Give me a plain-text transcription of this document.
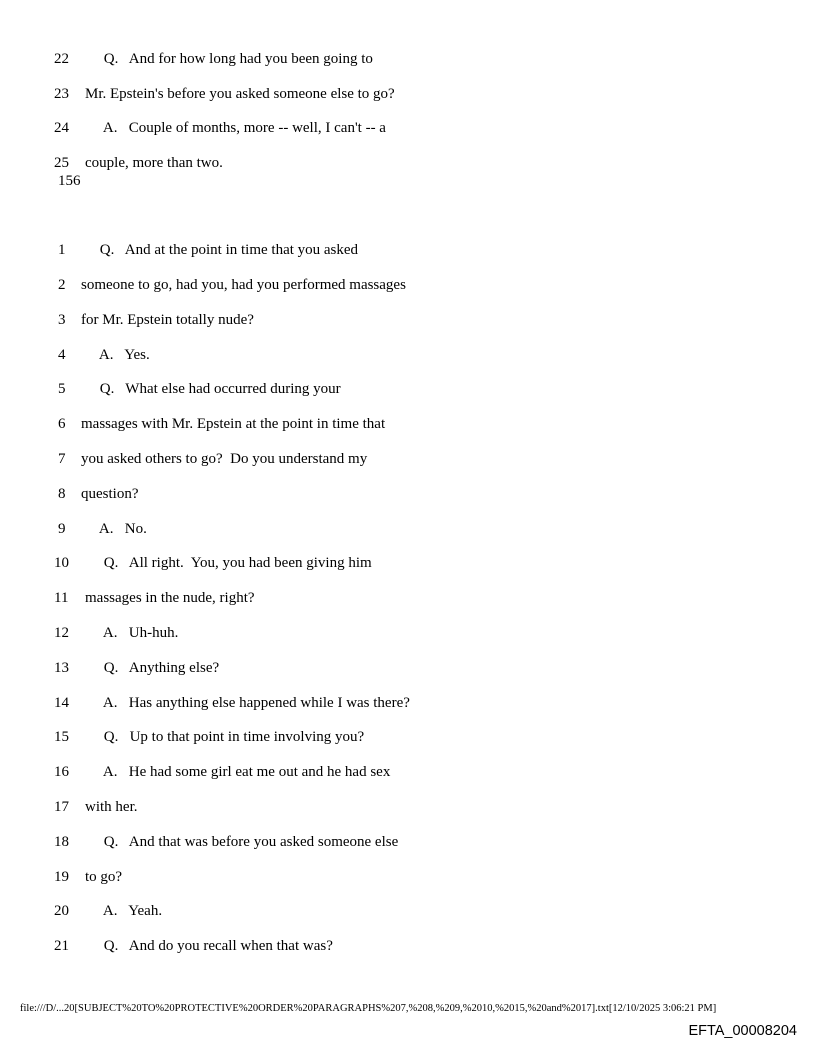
22 Q.   And for how long had you been going to
23 Mr. Epstein's before you asked someone else to go?
24 A.   Couple of months, more -- well, I can't -- a
25 couple, more than two.
156
1 Q.   And at the point in time that you asked
2 someone to go, had you, had you performed massages
3 for Mr. Epstein totally nude?
4 A.   Yes.
5 Q.   What else had occurred during your
6 massages with Mr. Epstein at the point in time that
7 you asked others to go?  Do you understand my
8 question?
9 A.   No.
10 Q.   All right.  You, you had been giving him
11 massages in the nude, right?
12 A.   Uh-huh.
13 Q.   Anything else?
14 A.   Has anything else happened while I was there?
15 Q.   Up to that point in time involving you?
16 A.   He had some girl eat me out and he had sex
17 with her.
18 Q.   And that was before you asked someone else
19 to go?
20 A.   Yeah.
21 Q.   And do you recall when that was?
file:///D/...20[SUBJECT%20TO%20PROTECTIVE%20ORDER%20PARAGRAPHS%207,%208,%209,%2010,%2015,%20and%2017].txt[12/10/2025 3:06:21 PM]
EFTA_00008204
